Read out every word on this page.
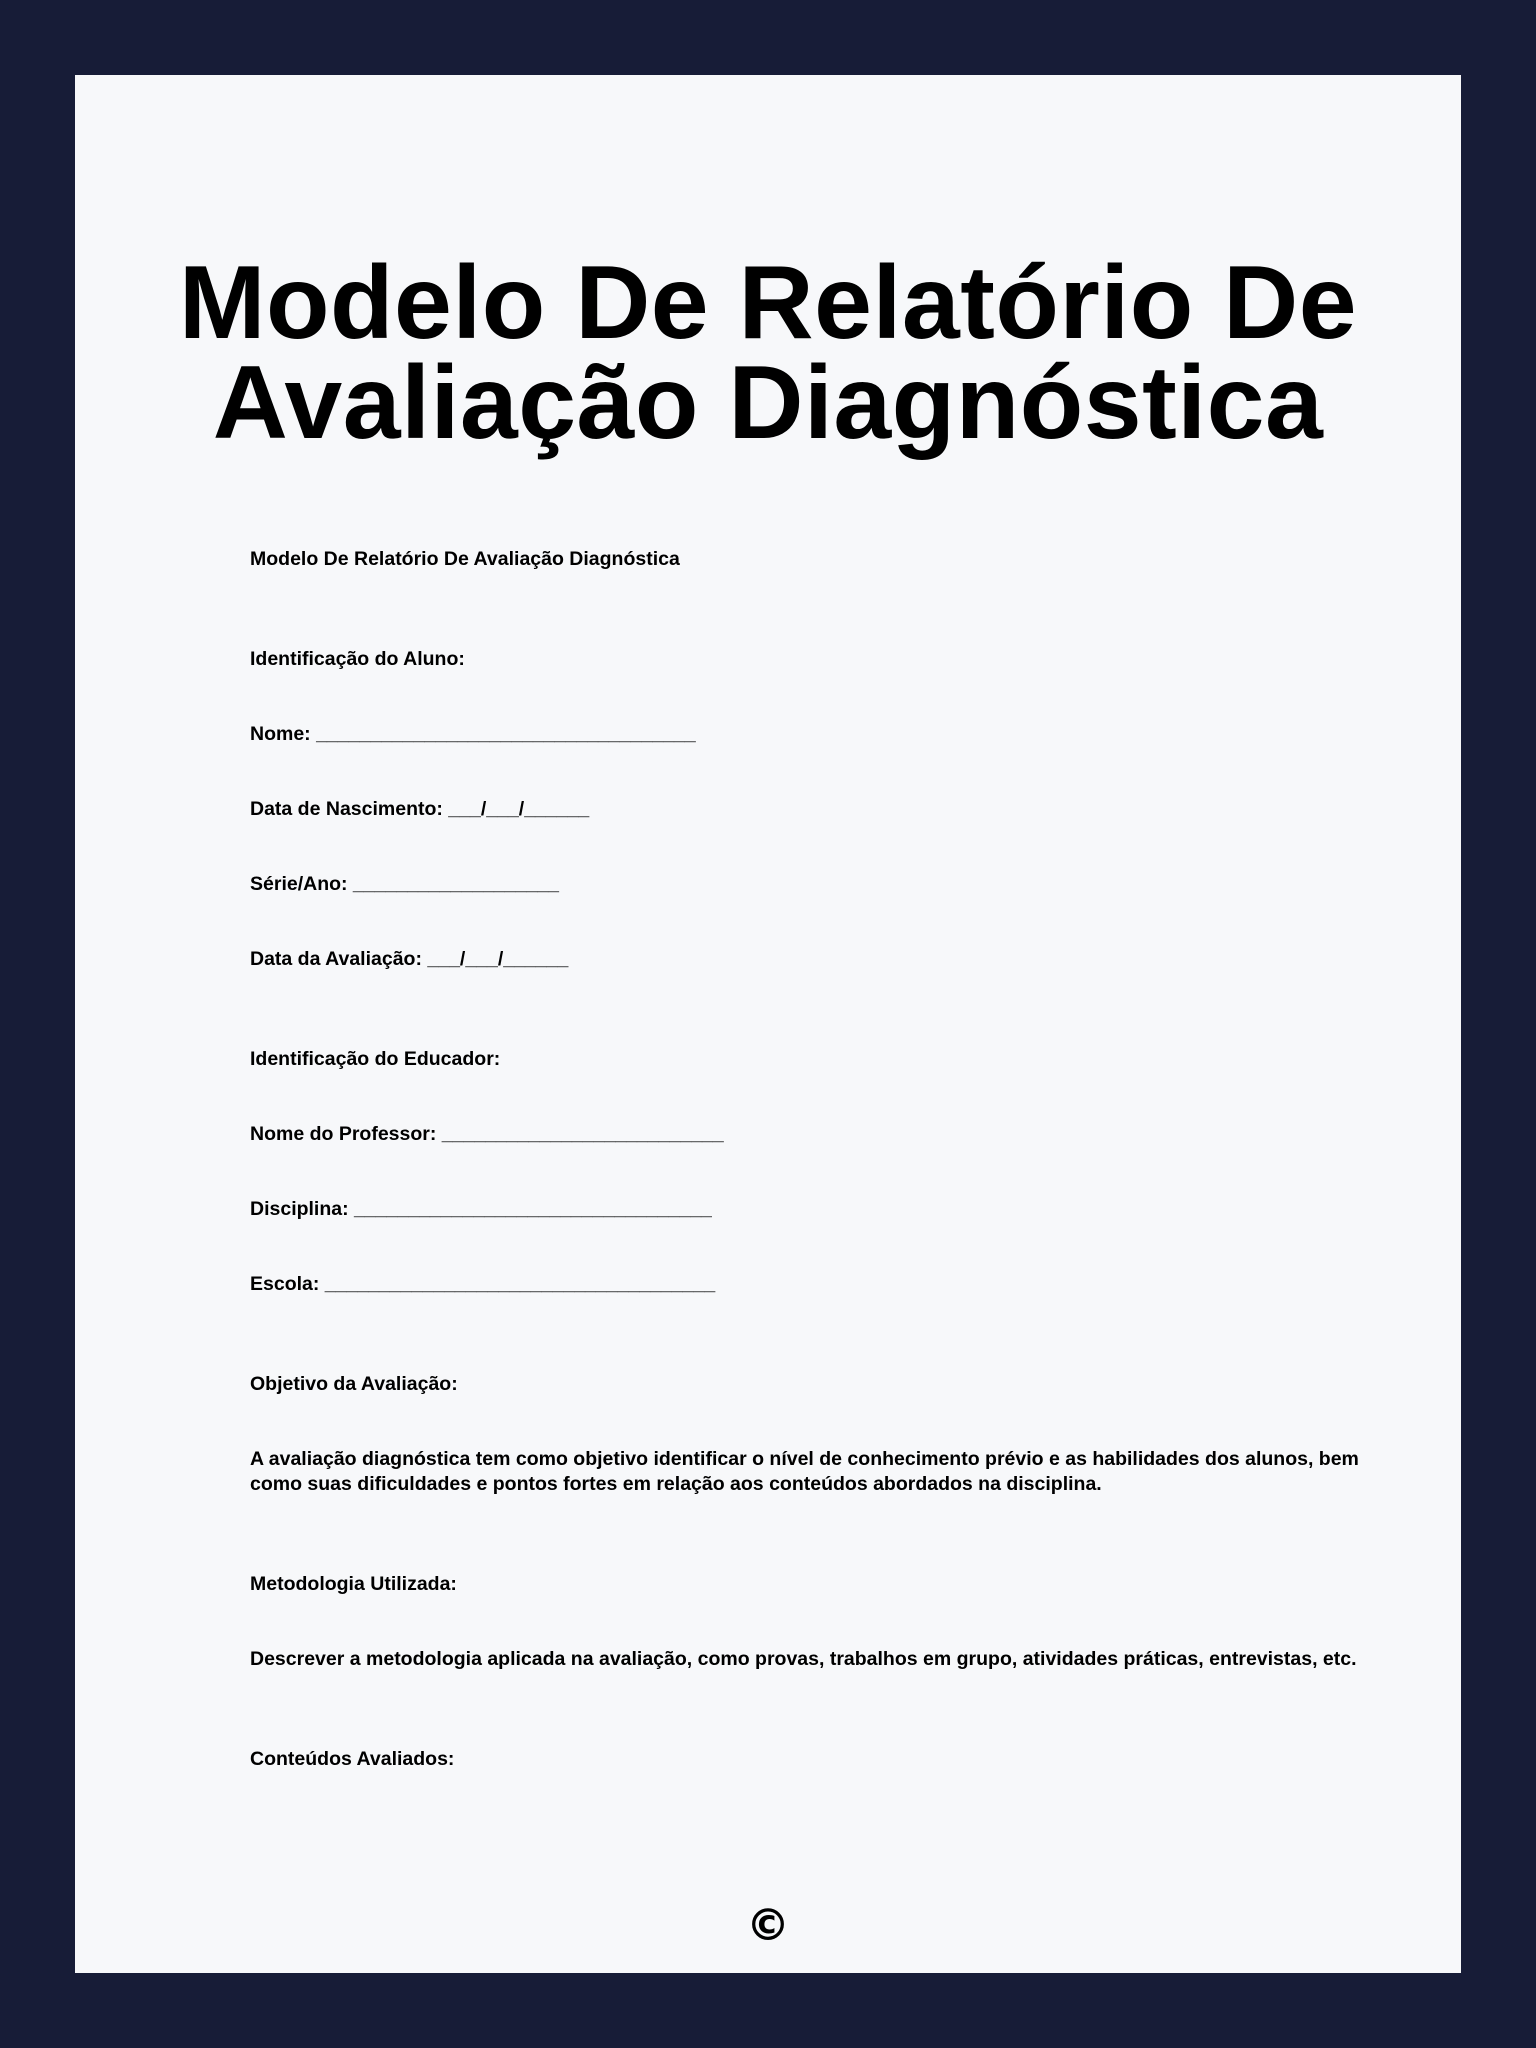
Modelo De Relatório De Avaliação Diagnóstica

Modelo De Relatório De Avaliação Diagnóstica

Identificação do Aluno:

Nome: ___________________________________

Data de Nascimento: ___/___/______

Série/Ano: ___________________

Data da Avaliação: ___/___/______

Identificação do Educador:

Nome do Professor: __________________________

Disciplina: _________________________________

Escola: ____________________________________

Objetivo da Avaliação:

A avaliação diagnóstica tem como objetivo identificar o nível de conhecimento prévio e as habilidades dos alunos, bem como suas dificuldades e pontos fortes em relação aos conteúdos abordados na disciplina.

Metodologia Utilizada:

Descrever a metodologia aplicada na avaliação, como provas, trabalhos em grupo, atividades práticas, entrevistas, etc.

Conteúdos Avaliados:

©
